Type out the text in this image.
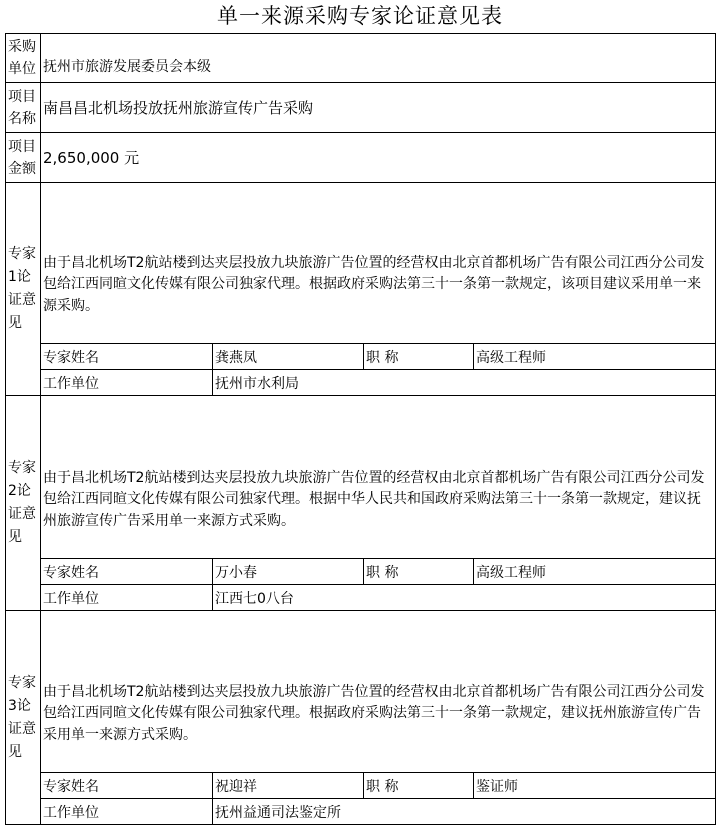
单一来源采购专家论证意见表
采购单位	抚州市旅游发展委员会本级			
项目名称	南昌昌北机场投放抚州旅游宣传广告采购			
项目金额	2,650,000 元			
专家1论证意见	由于昌北机场T2航站楼到达夹层投放九块旅游广告位置的经营权由北京首都机场广告有限公司江西分公司发包给江西同暄文化传媒有限公司独家代理。根据政府采购法第三十一条第一款规定，该项目建议采用单一来源采购。			
	专家姓名	龚燕凤	职 称	高级工程师
	工作单位	抚州市水利局		
专家2论证意见	由于昌北机场T2航站楼到达夹层投放九块旅游广告位置的经营权由北京首都机场广告有限公司江西分公司发包给江西同暄文化传媒有限公司独家代理。根据中华人民共和国政府采购法第三十一条第一款规定，建议抚州旅游宣传广告采用单一来源方式采购。			
	专家姓名	万小春	职 称	高级工程师
	工作单位	江西七0八台		
专家3论证意见	由于昌北机场T2航站楼到达夹层投放九块旅游广告位置的经营权由北京首都机场广告有限公司江西分公司发包给江西同暄文化传媒有限公司独家代理。根据政府采购法第三十一条第一款规定，建议抚州旅游宣传广告采用单一来源方式采购。			
	专家姓名	祝迎祥	职 称	鉴证师
	工作单位	抚州益通司法鉴定所		
